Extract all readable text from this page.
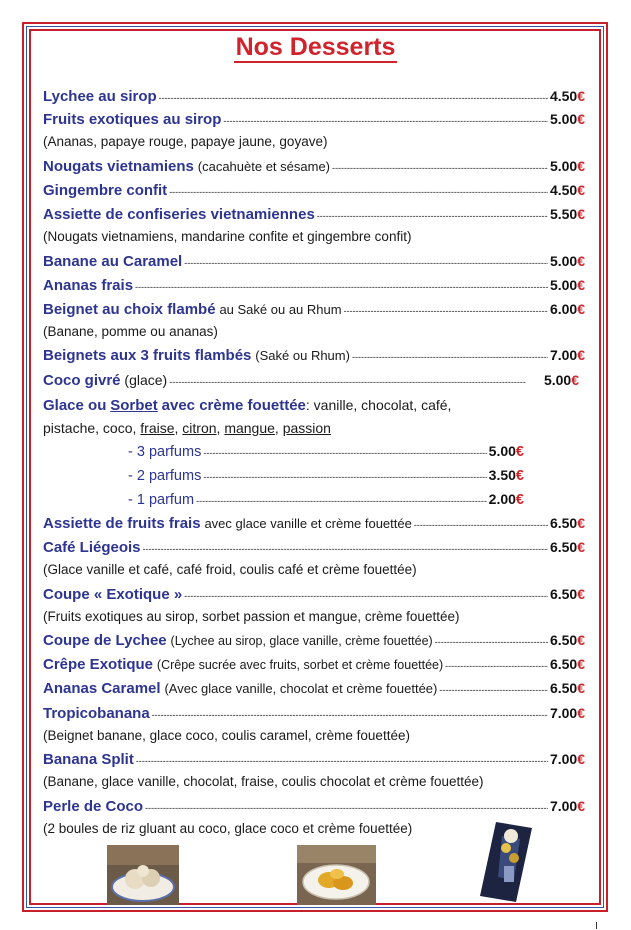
Nos Desserts
Lychee au sirop -----	4.50 €
Fruits exotiques au sirop -----	5.00 €
(Ananas, papaye rouge, papaye jaune, goyave)
Nougats vietnamiens
(cacahuète et sésame) -----	5.00 €
Gingembre confit -----	4.50 €
Assiette de confiseries vietnamiennes -----	5.50 €
(Nougats vietnamiens, mandarine confite et gingembre confit)
Banane au Caramel -----	5.00 €
Ananas frais -----	5.00 €
Beignet au choix flambé
au Saké ou au Rhum -----	6.00 €
(Banane, pomme ou ananas)
Beignets aux 3 fruits flambés
(Saké ou Rhum) -----	7.00 €
Coco givré
(glace) -----	5.00 €
Glace ou
Sorbet
avec crème fouettée : vanille, chocolat, café,
pistache, coco, fraise, citron, mangue, passion
- 3 parfums -----	5.00 €
- 2 parfums -----	3.50 €
- 1 parfum -----	2.00 €
Assiette de fruits frais
avec glace vanille et crème fouettée -----	6.50 €
Café Liégeois -----	6.50 €
(Glace vanille et café, café froid, coulis café et crème fouettée)
Coupe « Exotique » -----	6.50 €
(Fruits exotiques au sirop, sorbet passion et mangue, crème fouettée)
Coupe de Lychee
(Lychee au sirop, glace vanille, crème fouettée) -----	6.50 €
Crêpe Exotique
(Crêpe sucrée avec fruits, sorbet et crème fouettée) -----	6.50 €
Ananas Caramel
(Avec glace vanille, chocolat et crème fouettée) -----	6.50 €
Tropicobanana -----	7.00 €
(Beignet banane, glace coco, coulis caramel, crème fouettée)
Banana Split -----	7.00 €
(Banane, glace vanille, chocolat, fraise, coulis chocolat et crème fouettée)
Perle de Coco -----	7.00 €
(2 boules de riz gluant au coco, glace coco et crème fouettée)
